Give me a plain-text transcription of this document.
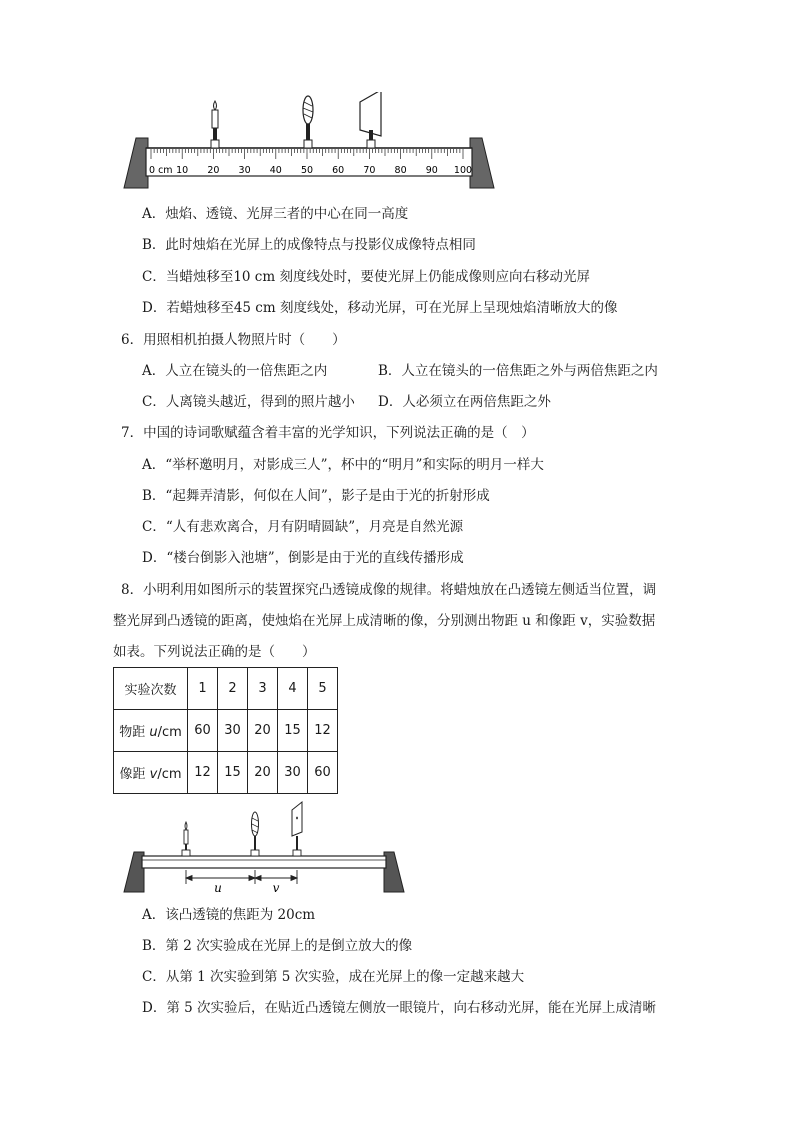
0 cm 10 20 30 40 50 60 70 80 90 100
A．烛焰、透镜、光屏三者的中心在同一高度
B．此时烛焰在光屏上的成像特点与投影仪成像特点相同
C．当蜡烛移至10 cm 刻度线处时，要使光屏上仍能成像则应向右移动光屏
D．若蜡烛移至45 cm 刻度线处，移动光屏，可在光屏上呈现烛焰清晰放大的像
6．用照相机拍摄人物照片时（　　）
A．人立在镜头的一倍焦距之内	B．人立在镜头的一倍焦距之外与两倍焦距之内
C．人离镜头越近，得到的照片越小 D．人必须立在两倍焦距之外
7．中国的诗词歌赋蕴含着丰富的光学知识，下列说法正确的是（　）
A．“举杯邀明月，对影成三人”，杯中的“明月”和实际的明月一样大
B．“起舞弄清影，何似在人间”，影子是由于光的折射形成
C．“人有悲欢离合，月有阴晴圆缺”，月亮是自然光源
D．“楼台倒影入池塘”，倒影是由于光的直线传播形成
8．小明利用如图所示的装置探究凸透镜成像的规律。将蜡烛放在凸透镜左侧适当位置，调
整光屏到凸透镜的距离，使烛焰在光屏上成清晰的像，分别测出物距 u 和像距 v，实验数据
如表。下列说法正确的是（　　）
实验次数	1	2	3	4	5
物距 u/cm	60	30	20	15	12
像距 v/cm	12	15	20	30	60
u	v
A．该凸透镜的焦距为 20cm
B．第 2 次实验成在光屏上的是倒立放大的像
C．从第 1 次实验到第 5 次实验，成在光屏上的像一定越来越大
D．第 5 次实验后，在贴近凸透镜左侧放一眼镜片，向右移动光屏，能在光屏上成清晰
